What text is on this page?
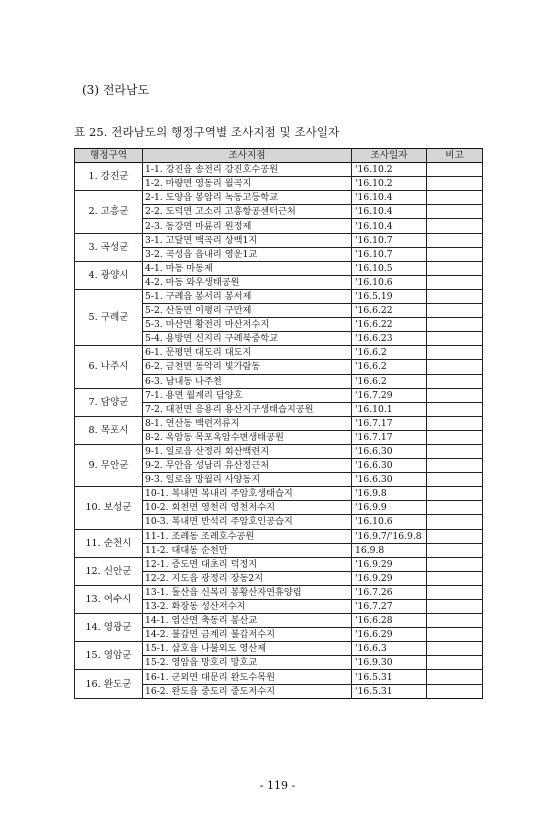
(3) 전라남도
표 25. 전라남도의 행정구역별 조사지점 및 조사일자
행정구역	조사지점	조사일자	비고
1. 강진군	1-1. 강진읍 송전리 강진호수공원	'16.10.2	
	1-2. 마량면 영동리 월곡지	'16.10.2	
2. 고흥군	2-1. 도양읍 봉암리 녹동고등학교	'16.10.4	
	2-2. 도덕면 고소리 고흥항공센터근처	'16.10.4	
	2-3. 동강면 마륜리 원정제	'16.10.4	
3. 곡성군	3-1. 고달면 백곡리 상백1지	'16.10.7	
	3-2. 곡성읍 읍내리 영운1교	'16.10.7	
4. 광양시	4-1. 마동 마동제	'16.10.5	
	4-2. 마동 와우생태공원	'16.10.6	
5. 구례군	5-1. 구례읍 봉서리 봉서제	'16.5.19	
	5-2. 산동면 이평리 구만제	'16.6.22	
	5-3. 마산면 황전리 마산저수지	'16.6.22	
	5-4. 용방면 신지리 구례북중학교	'16.6.23	
6. 나주시	6-1. 문평면 대도리 대도지	'16.6.2	
	6-2. 금천면 동악리 빛가람동	'16.6.2	
	6-3. 남내동 나주천	'16.6.2	
7. 담양군	7-1. 용면 월계리 담양호	'16.7.29	
	7-2. 대전면 응용리 용산지구생태습지공원	'16.10.1	
8. 목포시	8-1. 연산동 백련저류지	'16.7.17	
	8-2. 옥암동 목포옥암수변생태공원	'16.7.17	
9. 무안군	9-1. 일로읍 산정리 회산백련지	'16.6.30	
	9-2. 무안읍 성남리 유산정근처	'16.6.30	
	9-3. 일로읍 망월리 사양동지	'16.6.30	
10. 보성군	10-1. 복내면 복내리 주암호생태습지	'16.9.8	
	10-2. 회천면 영천리 영천저수지	'16.9.9	
	10-3. 복내면 반석리 주암호인공습지	'16.10.6	
11. 순천시	11-1. 조례동 조례호수공원	'16.9.7/'16.9.8	
	11-2. 대대동 순천만	16.9.8	
12. 신안군	12-1. 증도면 대초리 덕정지	'16.9.29	
	12-2. 지도읍 광정리 장동2지	'16.9.29	
13. 여수시	13-1. 돌산읍 신복리 봉황산자연휴양림	'16.7.26	
	13-2. 화장동 성산저수지	'16.7.27	
14. 영광군	14-1. 염산면 축동리 봉산교	'16.6.28	
	14-2. 불갑면 금계리 불갑저수지	'16.6.29	
15. 영암군	15-1. 삼호읍 나불외도 영산제	'16.6.3	
	15-2. 영암읍 망호리 망호교	'16.9.30	
16. 완도군	16-1. 군외면 대문리 완도수목원	'16.5.31	
	16-2. 완도읍 중도리 중도저수지	'16.5.31	
- 119 -
